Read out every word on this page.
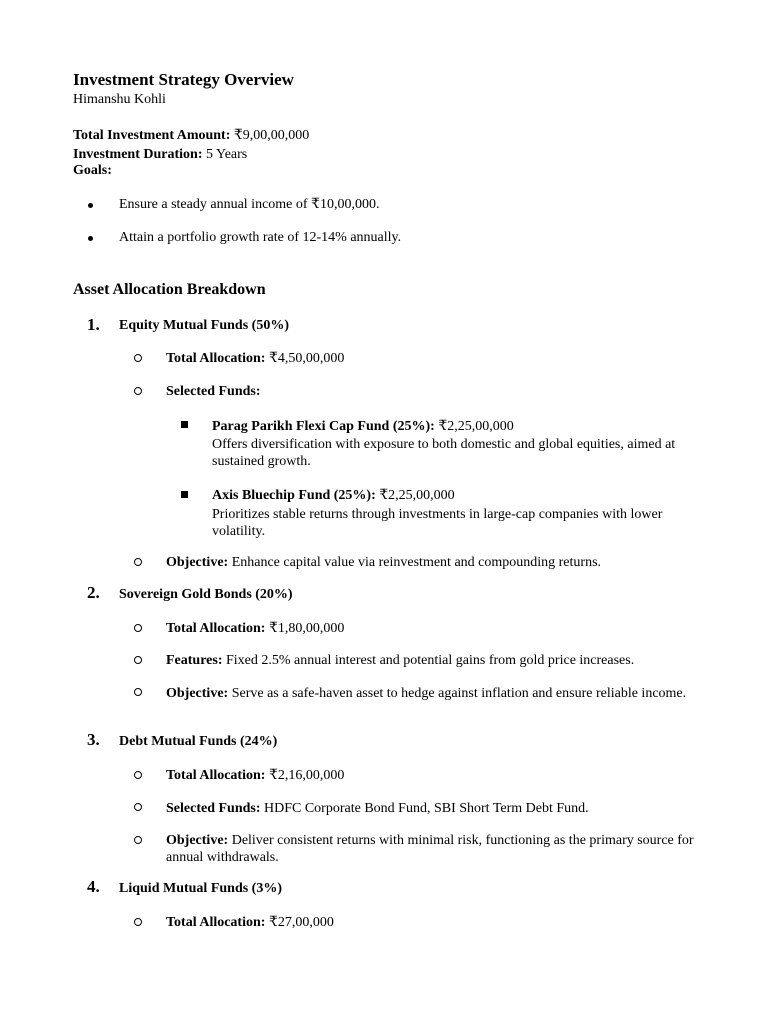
Investment Strategy Overview
Himanshu Kohli
Total Investment Amount: ₹9,00,00,000
Investment Duration: 5 Years
Goals:
Ensure a steady annual income of ₹10,00,000.
Attain a portfolio growth rate of 12-14% annually.
Asset Allocation Breakdown
1. Equity Mutual Funds (50%)
Total Allocation: ₹4,50,00,000
Selected Funds:
Parag Parikh Flexi Cap Fund (25%): ₹2,25,00,000
Offers diversification with exposure to both domestic and global equities, aimed at sustained growth.
Axis Bluechip Fund (25%): ₹2,25,00,000
Prioritizes stable returns through investments in large-cap companies with lower volatility.
Objective: Enhance capital value via reinvestment and compounding returns.
2. Sovereign Gold Bonds (20%)
Total Allocation: ₹1,80,00,000
Features: Fixed 2.5% annual interest and potential gains from gold price increases.
Objective: Serve as a safe-haven asset to hedge against inflation and ensure reliable income.
3. Debt Mutual Funds (24%)
Total Allocation: ₹2,16,00,000
Selected Funds: HDFC Corporate Bond Fund, SBI Short Term Debt Fund.
Objective: Deliver consistent returns with minimal risk, functioning as the primary source for annual withdrawals.
4. Liquid Mutual Funds (3%)
Total Allocation: ₹27,00,000
